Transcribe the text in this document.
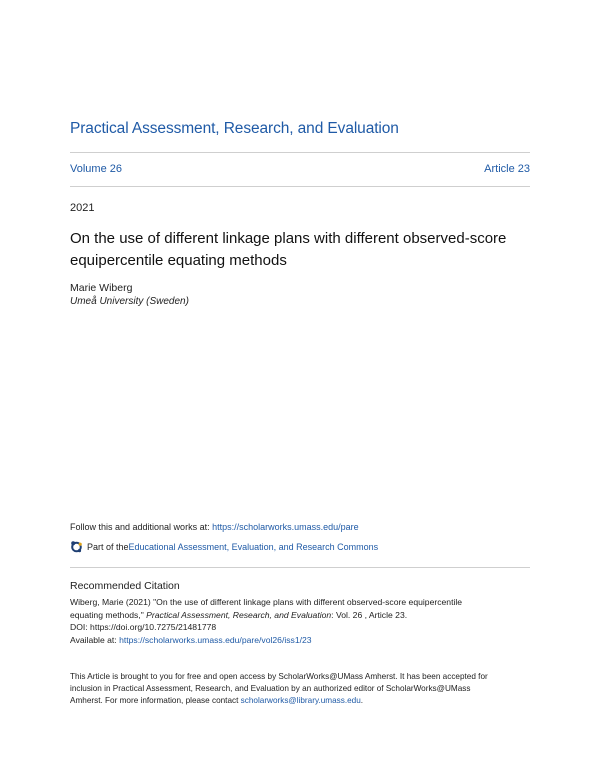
Practical Assessment, Research, and Evaluation
Volume 26	Article 23
2021
On the use of different linkage plans with different observed-score
equipercentile equating methods
Marie Wiberg
Umeå University (Sweden)
Follow this and additional works at: https://scholarworks.umass.edu/pare
Part of the Educational Assessment, Evaluation, and Research Commons
Recommended Citation
Wiberg, Marie (2021) "On the use of different linkage plans with different observed-score equipercentile
equating methods," Practical Assessment, Research, and Evaluation: Vol. 26 , Article 23.
DOI: https://doi.org/10.7275/21481778
Available at: https://scholarworks.umass.edu/pare/vol26/iss1/23
This Article is brought to you for free and open access by ScholarWorks@UMass Amherst. It has been accepted for
inclusion in Practical Assessment, Research, and Evaluation by an authorized editor of ScholarWorks@UMass
Amherst. For more information, please contact scholarworks@library.umass.edu.
